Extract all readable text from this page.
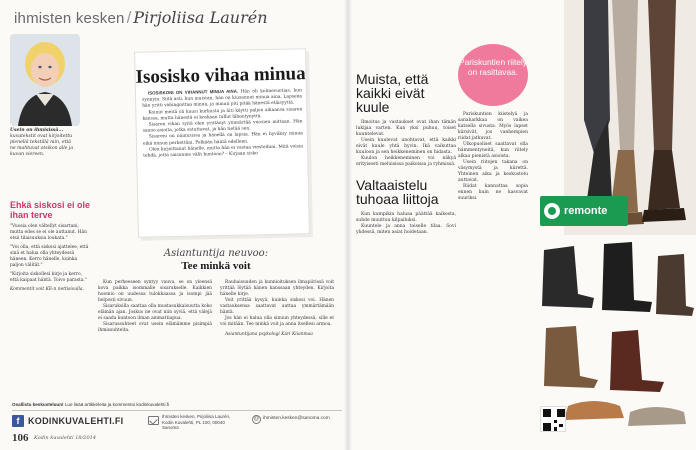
ihmisten kesken / Pirjoliisa Laurén
Usein on ihmisissä... kuvatekstit ovat kirjoitettu pienellä tekstillä niin, että ne mahtuvat otsikon alle ja kuvan viereen.
Isosisko vihaa minua

ISOSISKONI ON VIHANNUT MINUA AINA. Hän oli kolmevuotias, kun synnyin. Siitä asti, kun muistan, hän on kiusannut minua aina. Lapsena hän yritti vahingoittaa minua, ja minun piti pitää hänestä etäisyyttä.

Koinut meitä oli kuusi kurkusta ja äiti käytti paljon aikaansa sisaren kanssa, mutta hänestä ei koskaan tullut lähentynyttä.

Sisaren vihan syitä olen yrittänyt ymmärtää vuosien mittaan. Hän sanoo asioita, jotka satuttavat, ja hän tietää sen.

Sisareni on naimisissa ja hänellä on lapsia. Hän ei hyväksy minua eikä minun perhettäni. Pelkään häntä edelleen.

Olen kirjoittanut hänelle, mutta hän ei vastaa viesteihini. Mitä voisin tehdä, jotta saisimme välit kuntoon? – Kirjaan sisko

Ehkä siskosi ei ole ihan terve

"Vuosia olen vältellyt sisartani, mutta edes se ei ole auttanut. Hän etsii tilaisuuksia loukata."

"Voi olla, että siskosi ajattelee, että sinä et halua olla yhteydessä häneen. Kerro hänelle, kuinka paljon välität."

"Kirjoita siskollesi kirje ja kerro, että kaipaat häntä. Toivo parasta."

Kommentit voit KE:n nettisivulla.

Asiantuntija neuvoo:
Tee minkä voit

Kun perheeseen syntyy vauva, se on yleensä kova paikka isommalle sisarukselle. Kaikkien huomio on uudessa tulokkaassa ja isompi jää helposti sivuun.

Sisaruksilla saattaa olla mustasukkaisuutta koko elämän ajan. Joskus ne ovat niin syviä, että välejä ei saada kuntoon ilman ammattiapua.

Sisarussuhteet ovat usein elämämme pisimpiä ihmissuhteita.

Rauhaisuuden ja kunnioituksen ilmapiirissä voit yrittää löytää hänen kanssaan yhteyden. Kirjoita hänelle kirje.

Voit yrittää kysyä, kuinka siskosi voi. Hänen vastauksensa saattavat auttaa ymmärtämään häntä.

Jos hän ei halua olla sinuun yhteydessä, sille et voi mitään. Tee minkä voit ja anna itsellesi armoa.

Asiantuntijana psykologi Kari Kiianmaa

Osallistu keskusteluun! Lue lisää artikkeleita ja kommentoi kodinkuvalehti.fi
f KODINKUVALEHTI.FI	Ihmisten kesken, Pirjoliisa Laurén, Kodin Kuvalehti, PL 100, 00040 Sanoma
@ ihmisten.kesken@sanoma.com
106 Kodin kuvalehti 18/2014
Muista, että kaikki eivät kuule

Ilmoitus ja vastaukset ovat ihan tämän lukijaa varten. Kun yksi puhuu, toiset kuuntelevat.

Usein kuulevat unohtavat, että kaikki eivät kuule yhtä hyvin. Ikä vaikuttaa kuuloon ja sen heikkeneminen on hidasta.

Kuulon heikkeneminen voi näkyä erityisesti meluisissa paikoissa ja ryhmissä.

Valtaaistelu tuhoaa liittoja

Kun kumpikin haluaa päättää kaikesta, suhde muuttuu kilpailuksi.

Kuuntele ja anna toiselle tilaa. Sovi yhdessä, miten asiat hoidetaan.

Pariskuntien riitely on rasittavaa.

Pariskuntien kiistelyä ja sanaharkkaa on vaikea katsella sivusta. Myös lapset kärsivät, jos vanhempien riidat jatkuvat.

Ulkopuoliset saattavat olla hämmentyneitä, kun riitely alkaa pienistä asioista.

Usein riitojen takana on väsymystä ja kiirettä. Yhteinen aika ja keskustelu auttavat.

Riidat kannattaa sopia ennen kuin ne kasvavat suuriksi.

remonte
